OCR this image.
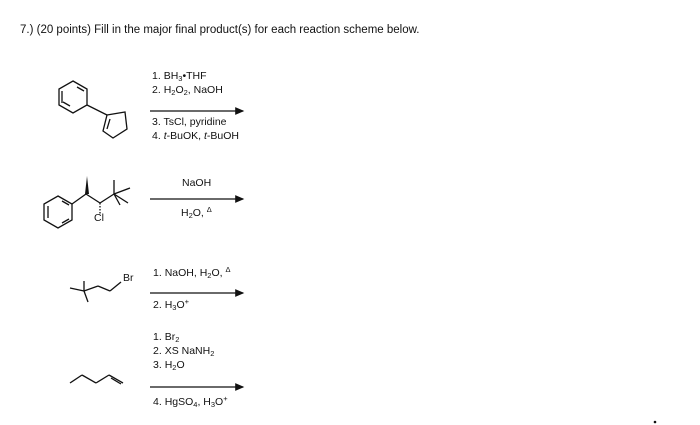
7.) (20 points) Fill in the major final product(s) for each reaction scheme below.
Cl
Br
1. $BH_3•THF$
2. $H_2O_2$, NaOH
3. TsCl, pyridine
4. t-BuOK, t-BuOH
NaOH
$H_2O$, $^\Delta$
1. NaOH, $H_2O$, $^\Delta$
2. $H_3O^+$
1. $Br_2$
2. XS NaNH$_2$
3. $H_2O$
4. HgSO$_4$, $H_3O^+$
